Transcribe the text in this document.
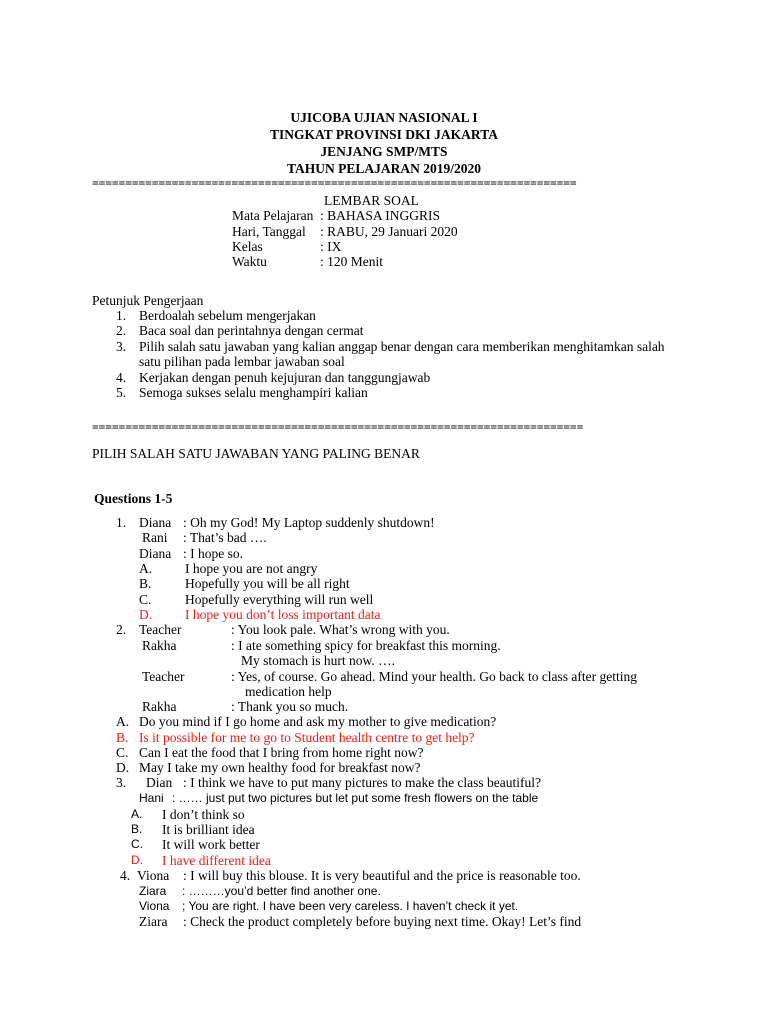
UJICOBA UJIAN NASIONAL I
TINGKAT PROVINSI DKI JAKARTA
JENJANG SMP/MTS
TAHUN PELAJARAN 2019/2020
=========================================================================
LEMBAR SOAL
Mata Pelajaran : BAHASA INGGRIS
Hari, Tanggal : RABU, 29 Januari 2020
Kelas	: IX
Waktu	: 120 Menit
Petunjuk Pengerjaan
1. Berdoalah sebelum mengerjakan
2. Baca soal dan perintahnya dengan cermat
3. Pilih salah satu jawaban yang kalian anggap benar dengan cara memberikan menghitamkan salah
satu pilihan pada lembar jawaban soal
4. Kerjakan dengan penuh kejujuran dan tanggungjawab
5. Semoga sukses selalu menghampiri kalian
==========================================================================
PILIH SALAH SATU JAWABAN YANG PALING BENAR
Questions 1-5
1. Diana : Oh my God! My Laptop suddenly shutdown!
Rani : That’s bad ….
Diana : I hope so.
A. I hope you are not angry
B. Hopefully you will be all right
C. Hopefully everything will run well
D. I hope you don’t loss important data
2. Teacher	: You look pale. What’s wrong with you.
Rakha	: I ate something spicy for breakfast this morning.
My stomach is hurt now. ….
Teacher	: Yes, of course. Go ahead. Mind your health. Go back to class after getting
medication help
Rakha	: Thank you so much.
A. Do you mind if I go home and ask my mother to give medication?
B. Is it possible for me to go to Student health centre to get help?
C. Can I eat the food that I bring from home right now?
D. May I take my own healthy food for breakfast now?
3. Dian : I think we have to put many pictures to make the class beautiful?
Hani : …… just put two pictures but let put some fresh flowers on the table
A. I don’t think so
B. It is brilliant idea
C. It will work better
D. I have different idea
4. Viona : I will buy this blouse. It is very beautiful and the price is reasonable too.
Ziara : ………you’d better find another one.
Viona ; You are right. I have been very careless. I haven’t check it yet.
Ziara : Check the product completely before buying next time. Okay! Let’s find
